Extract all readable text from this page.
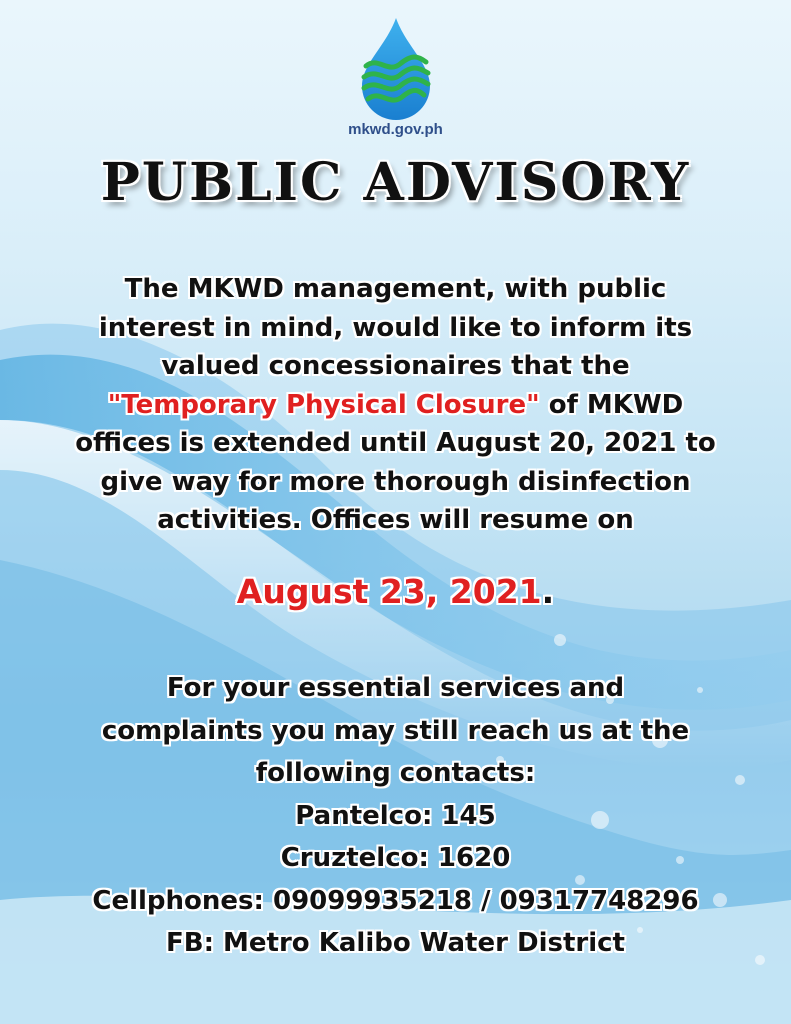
mkwd.gov.ph
PUBLIC ADVISORY
The MKWD management, with public
interest in mind, would like to inform its
valued concessionaires that the
"Temporary Physical Closure" of MKWD
offices is extended until August 20, 2021 to
give way for more thorough disinfection
activities. Offices will resume on
August 23, 2021.
For your essential services and
complaints you may still reach us at the
following contacts:
Pantelco: 145
Cruztelco: 1620
Cellphones: 09099935218 / 09317748296
FB: Metro Kalibo Water District
